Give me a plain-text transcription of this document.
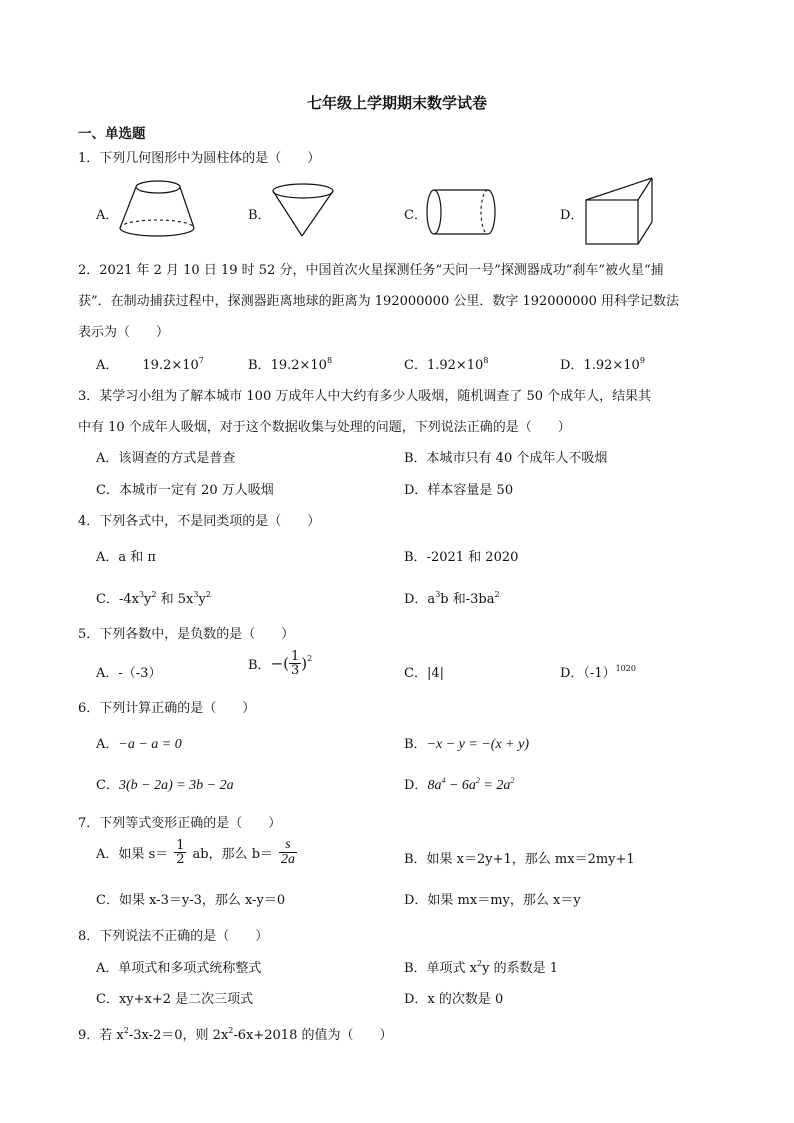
七年级上学期期末数学试卷
一、单选题
1．下列几何图形中为圆柱体的是（　　）
A．	B．	C．	D．
2．2021 年 2 月 10 日 19 时 52 分，中国首次火星探测任务“天问一号”探测器成功“刹车”被火星“捕
获”．在制动捕获过程中，探测器距离地球的距离为 192000000 公里．数字 192000000 用科学记数法
表示为（　　）
A． $19.2\times 10^7$	B．$19.2\times 10^8$	C．$1.92\times 10^8$	D．$1.92\times 10^9$
3．某学习小组为了解本城市 100 万成年人中大约有多少人吸烟，随机调查了 50 个成年人，结果其
中有 10 个成年人吸烟，对于这个数据收集与处理的问题，下列说法正确的是（　　）
A．该调查的方式是普查	B．本城市只有 40 个成年人不吸烟
C．本城市一定有 20 万人吸烟	D．样本容量是 50
4．下列各式中，不是同类项的是（　　）
A．a 和 π	B．-2021 和 2020
C．$-4x^3y^2$ 和 $5x^3y^2$	D．$a^3b$ 和$-3ba^2$
5．下列各数中，是负数的是（　　）
A．-（-3）
B．−( $\frac{1}{3} )^2$
C．|4|	D．$(-1)^{1020}$
6．下列计算正确的是（　　）
A．−a − a = 0	B．−x − y = −(x + y)
C．3(b − 2a) = 3b − 2a	D．$8a^4 - 6a^2 = 2a^2$
7．下列等式变形正确的是（　　）
A．如果 $s= \frac{1}{2}$ ab，那么 $b= \frac{s}{2a}$	B．如果 x＝2y+1，那么 mx＝2my+1
C．如果 x-3＝y-3，那么 x-y＝0	D．如果 mx＝my，那么 x＝y
8．下列说法不正确的是（　　）
A．单项式和多项式统称整式	B．单项式 $x^2y$ 的系数是 1
C．xy+x+2 是二次三项式	D．x 的次数是 0
9．若 $x^2-3x-2=0$，则 $2x^2-6x+2018$ 的值为（　　）
